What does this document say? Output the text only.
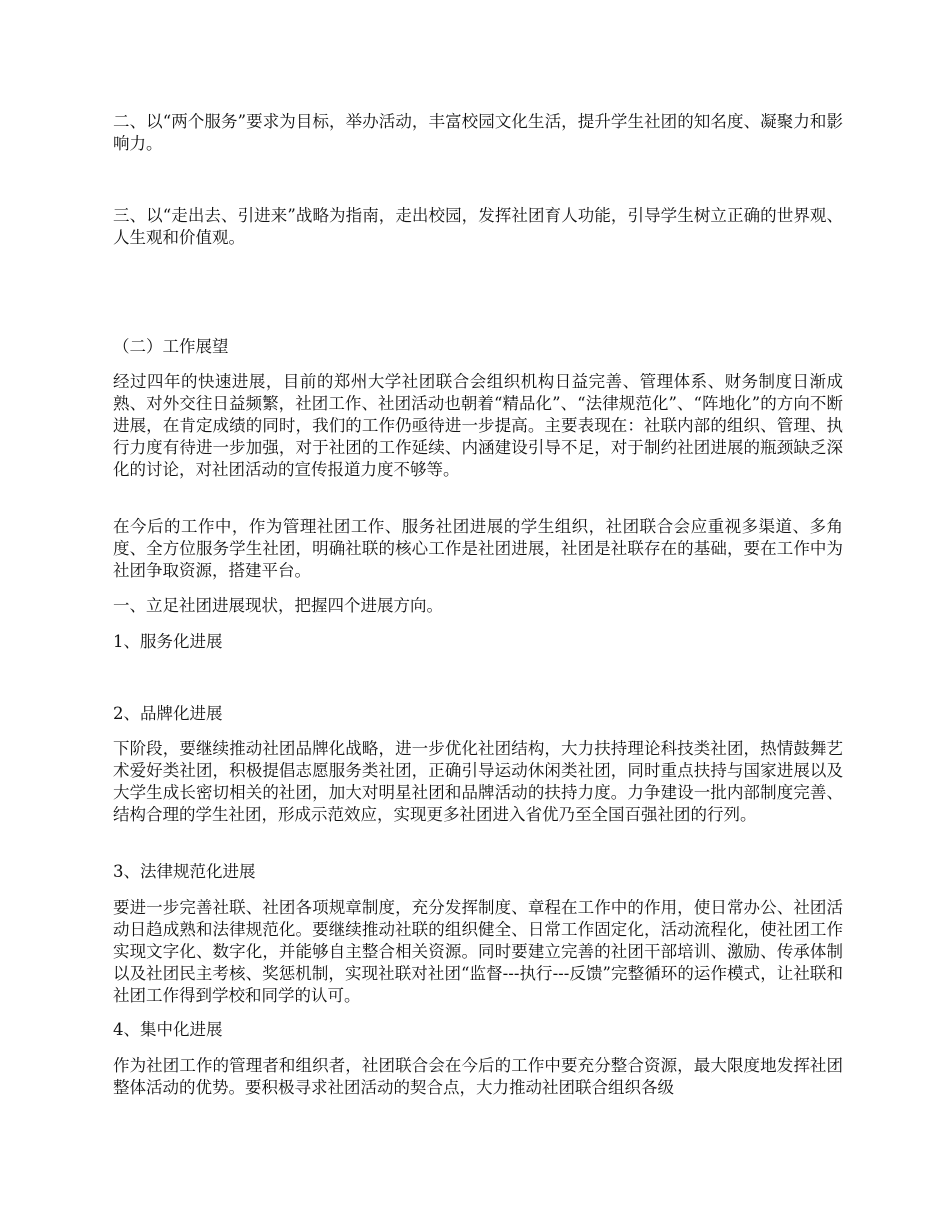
二、以“两个服务”要求为目标，举办活动，丰富校园文化生活，提升学生社团的知名度、凝聚力和影响力。

三、以“走出去、引进来”战略为指南，走出校园，发挥社团育人功能，引导学生树立正确的世界观、人生观和价值观。

（二）工作展望

经过四年的快速进展，目前的郑州大学社团联合会组织机构日益完善、管理体系、财务制度日渐成熟、对外交往日益频繁，社团工作、社团活动也朝着“精品化”、“法律规范化”、“阵地化”的方向不断进展，在肯定成绩的同时，我们的工作仍亟待进一步提高。主要表现在：社联内部的组织、管理、执行力度有待进一步加强，对于社团的工作延续、内涵建设引导不足，对于制约社团进展的瓶颈缺乏深化的讨论，对社团活动的宣传报道力度不够等。

在今后的工作中，作为管理社团工作、服务社团进展的学生组织，社团联合会应重视多渠道、多角度、全方位服务学生社团，明确社联的核心工作是社团进展，社团是社联存在的基础，要在工作中为社团争取资源，搭建平台。

一、立足社团进展现状，把握四个进展方向。

1、服务化进展

2、品牌化进展

下阶段，要继续推动社团品牌化战略，进一步优化社团结构，大力扶持理论科技类社团，热情鼓舞艺术爱好类社团，积极提倡志愿服务类社团，正确引导运动休闲类社团，同时重点扶持与国家进展以及大学生成长密切相关的社团，加大对明星社团和品牌活动的扶持力度。力争建设一批内部制度完善、结构合理的学生社团，形成示范效应，实现更多社团进入省优乃至全国百强社团的行列。

3、法律规范化进展

要进一步完善社联、社团各项规章制度，充分发挥制度、章程在工作中的作用，使日常办公、社团活动日趋成熟和法律规范化。要继续推动社联的组织健全、日常工作固定化，活动流程化，使社团工作实现文字化、数字化，并能够自主整合相关资源。同时要建立完善的社团干部培训、激励、传承体制以及社团民主考核、奖惩机制，实现社联对社团“监督---执行---反馈”完整循环的运作模式，让社联和社团工作得到学校和同学的认可。

4、集中化进展

作为社团工作的管理者和组织者，社团联合会在今后的工作中要充分整合资源，最大限度地发挥社团整体活动的优势。要积极寻求社团活动的契合点，大力推动社团联合组织各级
